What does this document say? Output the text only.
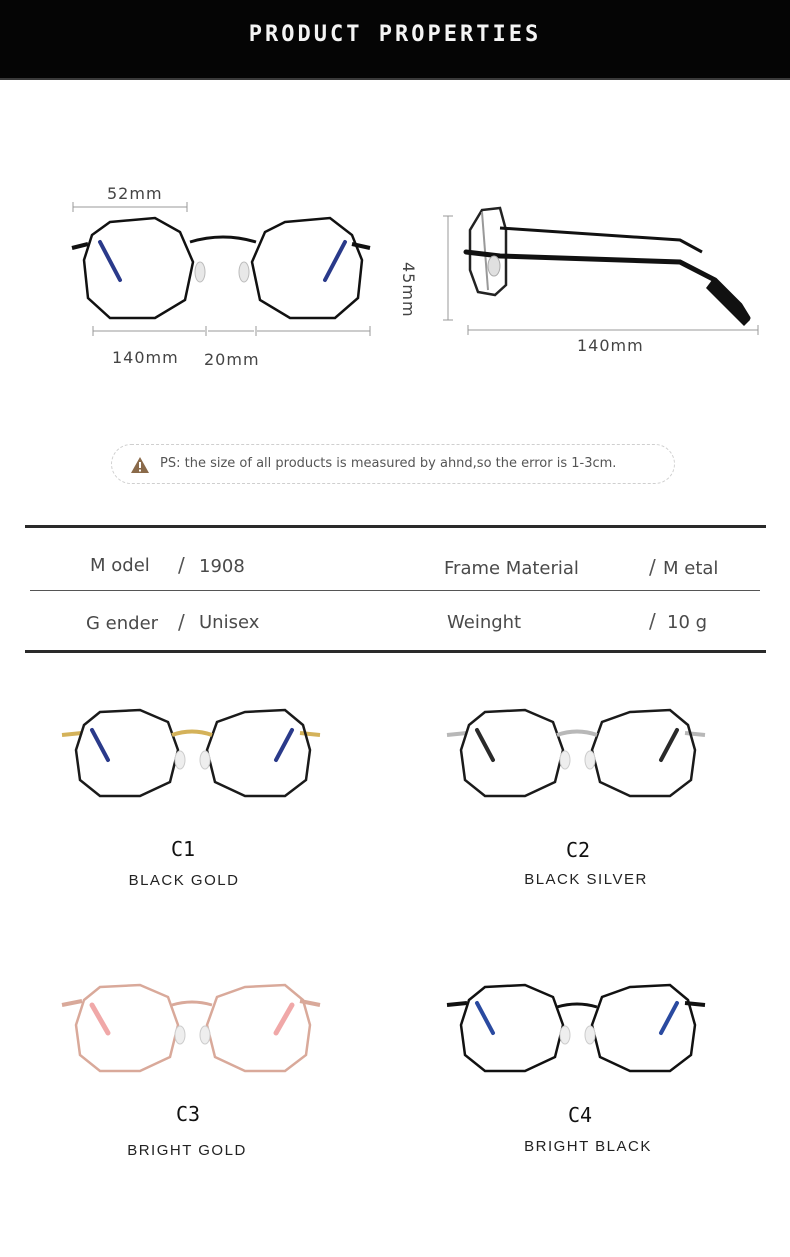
PRODUCT PROPERTIES
52mm
140mm 20mm
45mm
140mm
PS: the size of all products is measured by ahnd,so the error is 1-3cm.
M odel / 1908	Frame Material	/ M etal
G ender / Unisex	Weinght	/ 10 g
C1
BLACK GOLD
C2
BLACK SILVER
C3
BRIGHT GOLD
C4
BRIGHT BLACK
